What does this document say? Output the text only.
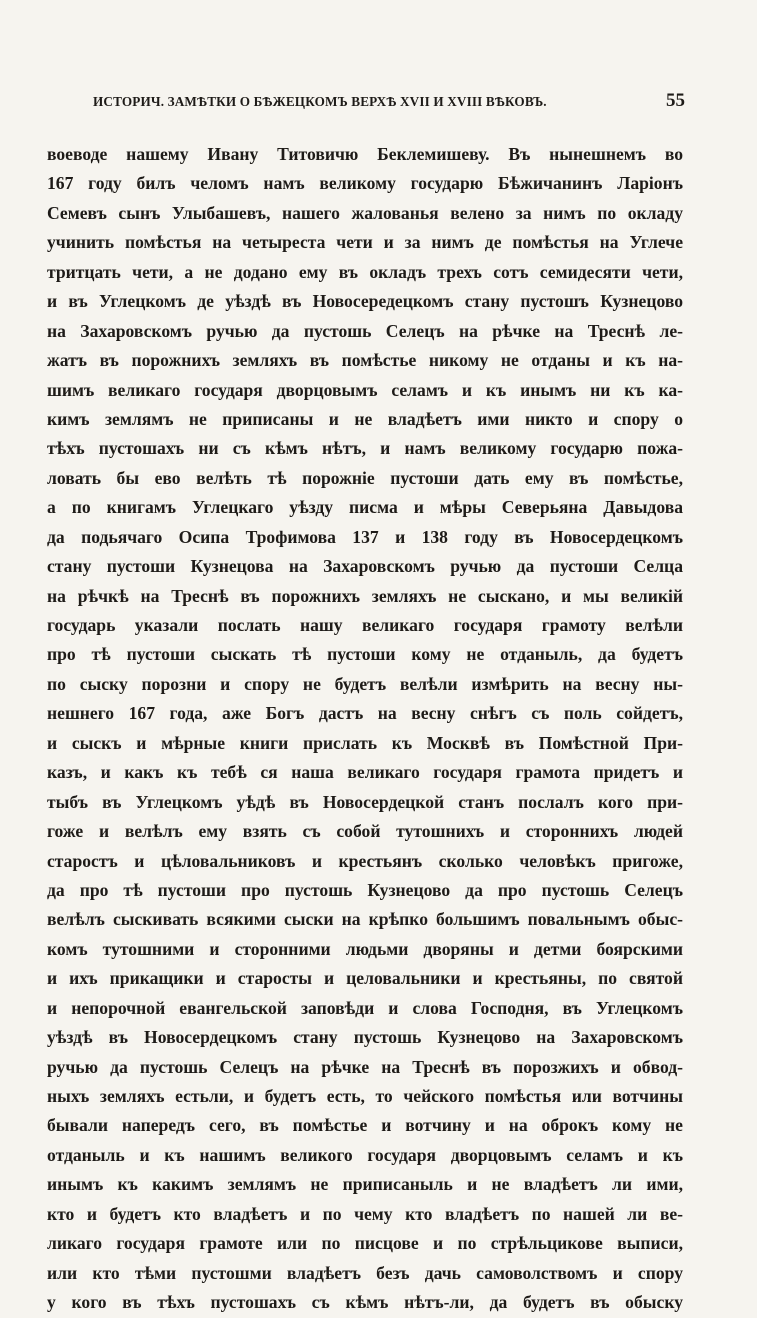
ИСТОРИЧ. ЗАМѢТКИ О БѢЖЕЦКОМЪ ВЕРХѢ XVII И XVIII ВѢКОВЪ.	55
воеводе нашему Ивану Титовичю Беклемишеву. Въ нынешнемъ во
167 году билъ челомъ намъ великому государю Бѣжичанинъ Ларіонъ
Семевъ сынъ Улыбашевъ, нашего жалованья велено за нимъ по окладу
учинить помѣстья на четыреста чети и за нимъ де помѣстья на Углече
тритцать чети, а не додано ему въ окладъ трехъ сотъ семидесяти чети,
и въ Углецкомъ де уѣздѣ въ Новосередецкомъ стану пустошъ Кузнецово
на Захаровскомъ ручью да пустошь Селецъ на рѣчке на Треснѣ ле-
жатъ въ порожнихъ земляхъ въ помѣстье никому не отданы и къ на-
шимъ великаго государя дворцовымъ селамъ и къ инымъ ни къ ка-
кимъ землямъ не приписаны и не владѣетъ ими никто и спору о
тѣхъ пустошахъ ни съ кѣмъ нѣтъ, и намъ великому государю пожа-
ловать бы ево велѣть тѣ порожніе пустоши дать ему въ помѣстье,
а по книгамъ Углецкаго уѣзду писма и мѣры Северьяна Давыдова
да подьячаго Осипа Трофимова 137 и 138 году въ Новосердецкомъ
стану пустоши Кузнецова на Захаровскомъ ручью да пустоши Селца
на рѣчкѣ на Треснѣ въ порожнихъ земляхъ не сыскано, и мы великій
государь указали послать нашу великаго государя грамоту велѣли
про тѣ пустоши сыскать тѣ пустоши кому не отданыль, да будетъ
по сыску порозни и спору не будетъ велѣли измѣрить на весну ны-
нешнего 167 года, аже Богъ дастъ на весну снѣгъ съ поль сойдетъ,
и сыскъ и мѣрные книги прислать къ Москвѣ въ Помѣстной При-
казъ, и какъ къ тебѣ ся наша великаго государя грамота придетъ и
тыбъ въ Углецкомъ уѣдѣ въ Новосердецкой станъ послалъ кого при-
гоже и велѣлъ ему взять съ собой тутошнихъ и стороннихъ людей
старостъ и цѣловальниковъ и крестьянъ сколько человѣкъ пригоже,
да про тѣ пустоши про пустошь Кузнецово да про пустошь Селецъ
велѣлъ сыскивать всякими сыски на крѣпко большимъ повальнымъ обыс-
комъ тутошними и сторонними людьми дворяны и детми боярскими
и ихъ прикащики и старосты и целовальники и крестьяны, по святой
и непорочной евангельской заповѣди и слова Господня, въ Углецкомъ
уѣздѣ въ Новосердецкомъ стану пустошь Кузнецово на Захаровскомъ
ручью да пустошь Селецъ на рѣчке на Треснѣ въ порозжихъ и обвод-
ныхъ земляхъ естьли, и будетъ есть, то чейского помѣстья или вотчины
бывали напередъ сего, въ помѣстье и вотчину и на оброкъ кому не
отданыль и къ нашимъ великого государя дворцовымъ селамъ и къ
инымъ къ какимъ землямъ не приписаныль и не владѣетъ ли ими,
кто и будетъ кто владѣетъ и по чему кто владѣетъ по нашей ли ве-
ликаго государя грамоте или по писцове и по стрѣльцикове выписи,
или кто тѣми пустошми владѣетъ безъ дачь самоволствомъ и спору
у кого въ тѣхъ пустошахъ съ кѣмъ нѣтъ-ли, да будетъ въ обыску
